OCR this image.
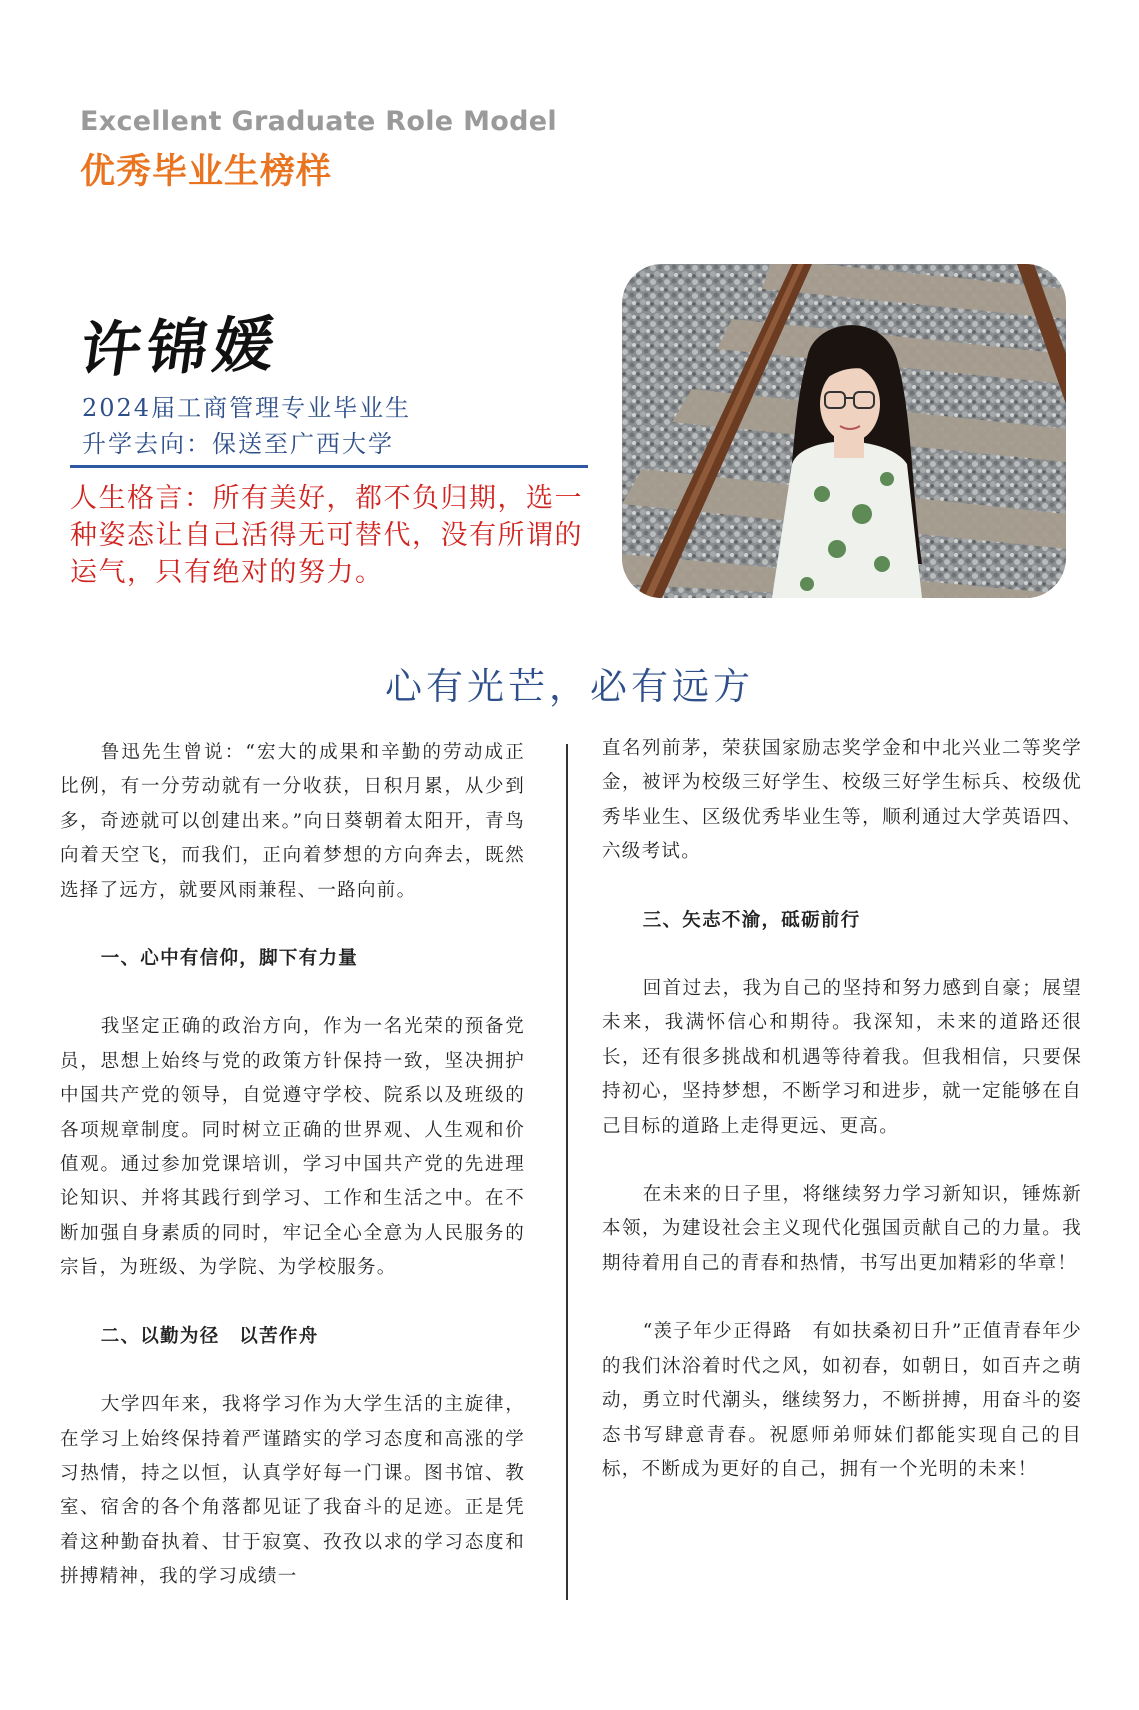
Excellent Graduate Role Model
优秀毕业生榜样
许锦媛
2024届工商管理专业毕业生
升学去向：保送至广西大学
人生格言：所有美好，都不负归期，选一种姿态让自己活得无可替代，没有所谓的运气，只有绝对的努力。
心有光芒，必有远方

鲁迅先生曾说：“宏大的成果和辛勤的劳动成正比例，有一分劳动就有一分收获，日积月累，从少到多，奇迹就可以创建出来。”向日葵朝着太阳开，青鸟向着天空飞，而我们，正向着梦想的方向奔去，既然选择了远方，就要风雨兼程、一路向前。

一、心中有信仰，脚下有力量

我坚定正确的政治方向，作为一名光荣的预备党员，思想上始终与党的政策方针保持一致，坚决拥护中国共产党的领导，自觉遵守学校、院系以及班级的各项规章制度。同时树立正确的世界观、人生观和价值观。通过参加党课培训，学习中国共产党的先进理论知识、并将其践行到学习、工作和生活之中。在不断加强自身素质的同时，牢记全心全意为人民服务的宗旨，为班级、为学院、为学校服务。

二、以勤为径　以苦作舟

大学四年来，我将学习作为大学生活的主旋律，在学习上始终保持着严谨踏实的学习态度和高涨的学习热情，持之以恒，认真学好每一门课。图书馆、教室、宿舍的各个角落都见证了我奋斗的足迹。正是凭着这种勤奋执着、甘于寂寞、孜孜以求的学习态度和拼搏精神，我的学习成绩一

直名列前茅，荣获国家励志奖学金和中北兴业二等奖学金，被评为校级三好学生、校级三好学生标兵、校级优秀毕业生、区级优秀毕业生等，顺利通过大学英语四、六级考试。

三、矢志不渝，砥砺前行

回首过去，我为自己的坚持和努力感到自豪；展望未来，我满怀信心和期待。我深知，未来的道路还很长，还有很多挑战和机遇等待着我。但我相信，只要保持初心，坚持梦想，不断学习和进步，就一定能够在自己目标的道路上走得更远、更高。

在未来的日子里，将继续努力学习新知识，锤炼新本领，为建设社会主义现代化强国贡献自己的力量。我期待着用自己的青春和热情，书写出更加精彩的华章！

“羡子年少正得路　有如扶桑初日升”正值青春年少的我们沐浴着时代之风，如初春，如朝日，如百卉之萌动，勇立时代潮头，继续努力，不断拼搏，用奋斗的姿态书写肆意青春。祝愿师弟师妹们都能实现自己的目标，不断成为更好的自己，拥有一个光明的未来！
